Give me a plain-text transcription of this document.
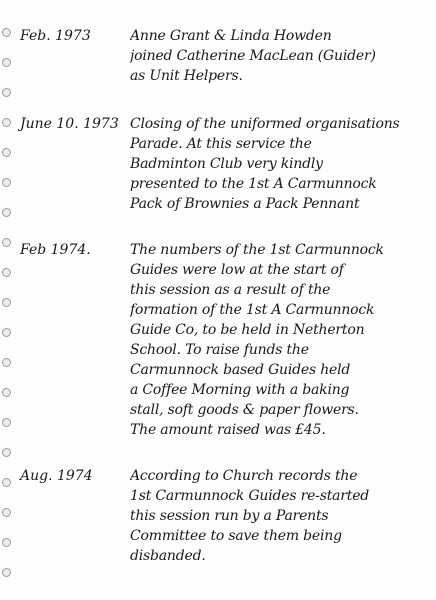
Feb. 1973	Anne Grant & Linda Howden
joined Catherine MacLean (Guider)
as Unit Helpers.
June 10. 1973 Closing of the uniformed organisations
Parade. At this service the
Badminton Club very kindly
presented to the 1st A Carmunnock
Pack of Brownies a Pack Pennant
Feb 1974.	The numbers of the 1st Carmunnock
Guides were low at the start of
this session as a result of the
formation of the 1st A Carmunnock
Guide Co, to be held in Netherton
School. To raise funds the
Carmunnock based Guides held
a Coffee Morning with a baking
stall, soft goods & paper flowers.
The amount raised was £45.
Aug. 1974	According to Church records the
1st Carmunnock Guides re-started
this session run by a Parents
Committee to save them being
disbanded.
